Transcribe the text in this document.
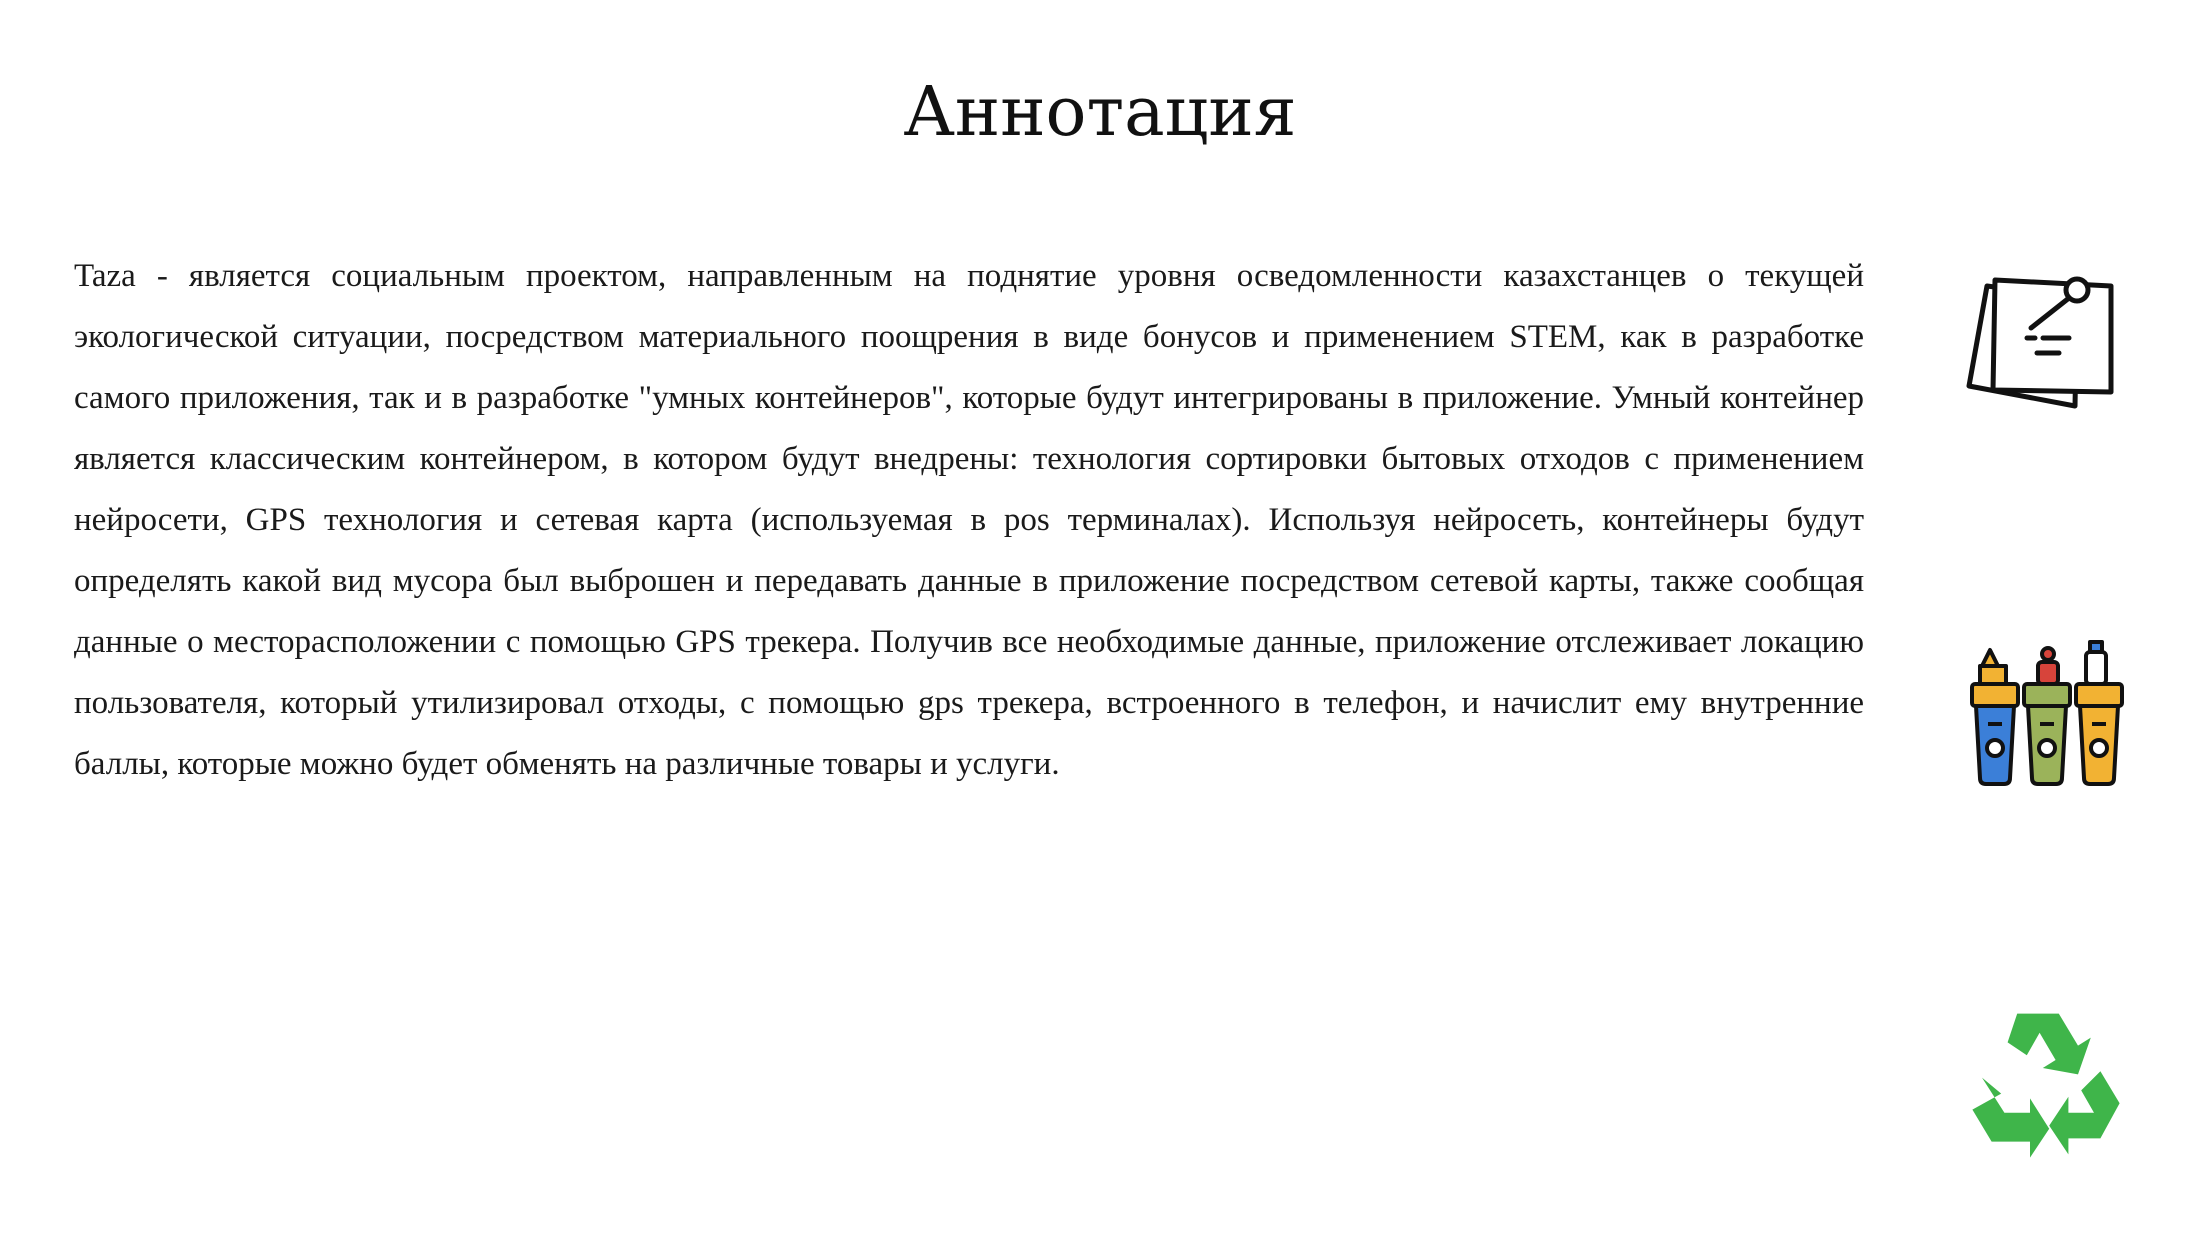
Аннотация

Taza - является социальным проектом, направленным на поднятие уровня осведомленности казахстанцев о текущей экологической ситуации, посредством материального поощрения в виде бонусов и применением STEM, как в разработке самого приложения, так и в разработке "умных контейнеров", которые будут интегрированы в приложение. Умный контейнер является классическим контейнером, в котором будут внедрены: технология сортировки бытовых отходов с применением нейросети, GPS технология и сетевая карта (используемая в pos терминалах). Используя нейросеть, контейнеры будут определять какой вид мусора был выброшен и передавать данные в приложение посредством сетевой карты, также сообщая данные о месторасположении с помощью GPS трекера. Получив все необходимые данные, приложение отслеживает локацию пользователя, который утилизировал отходы, с помощью gps трекера, встроенного в телефон, и начислит ему внутренние баллы, которые можно будет обменять на различные товары и услуги.
